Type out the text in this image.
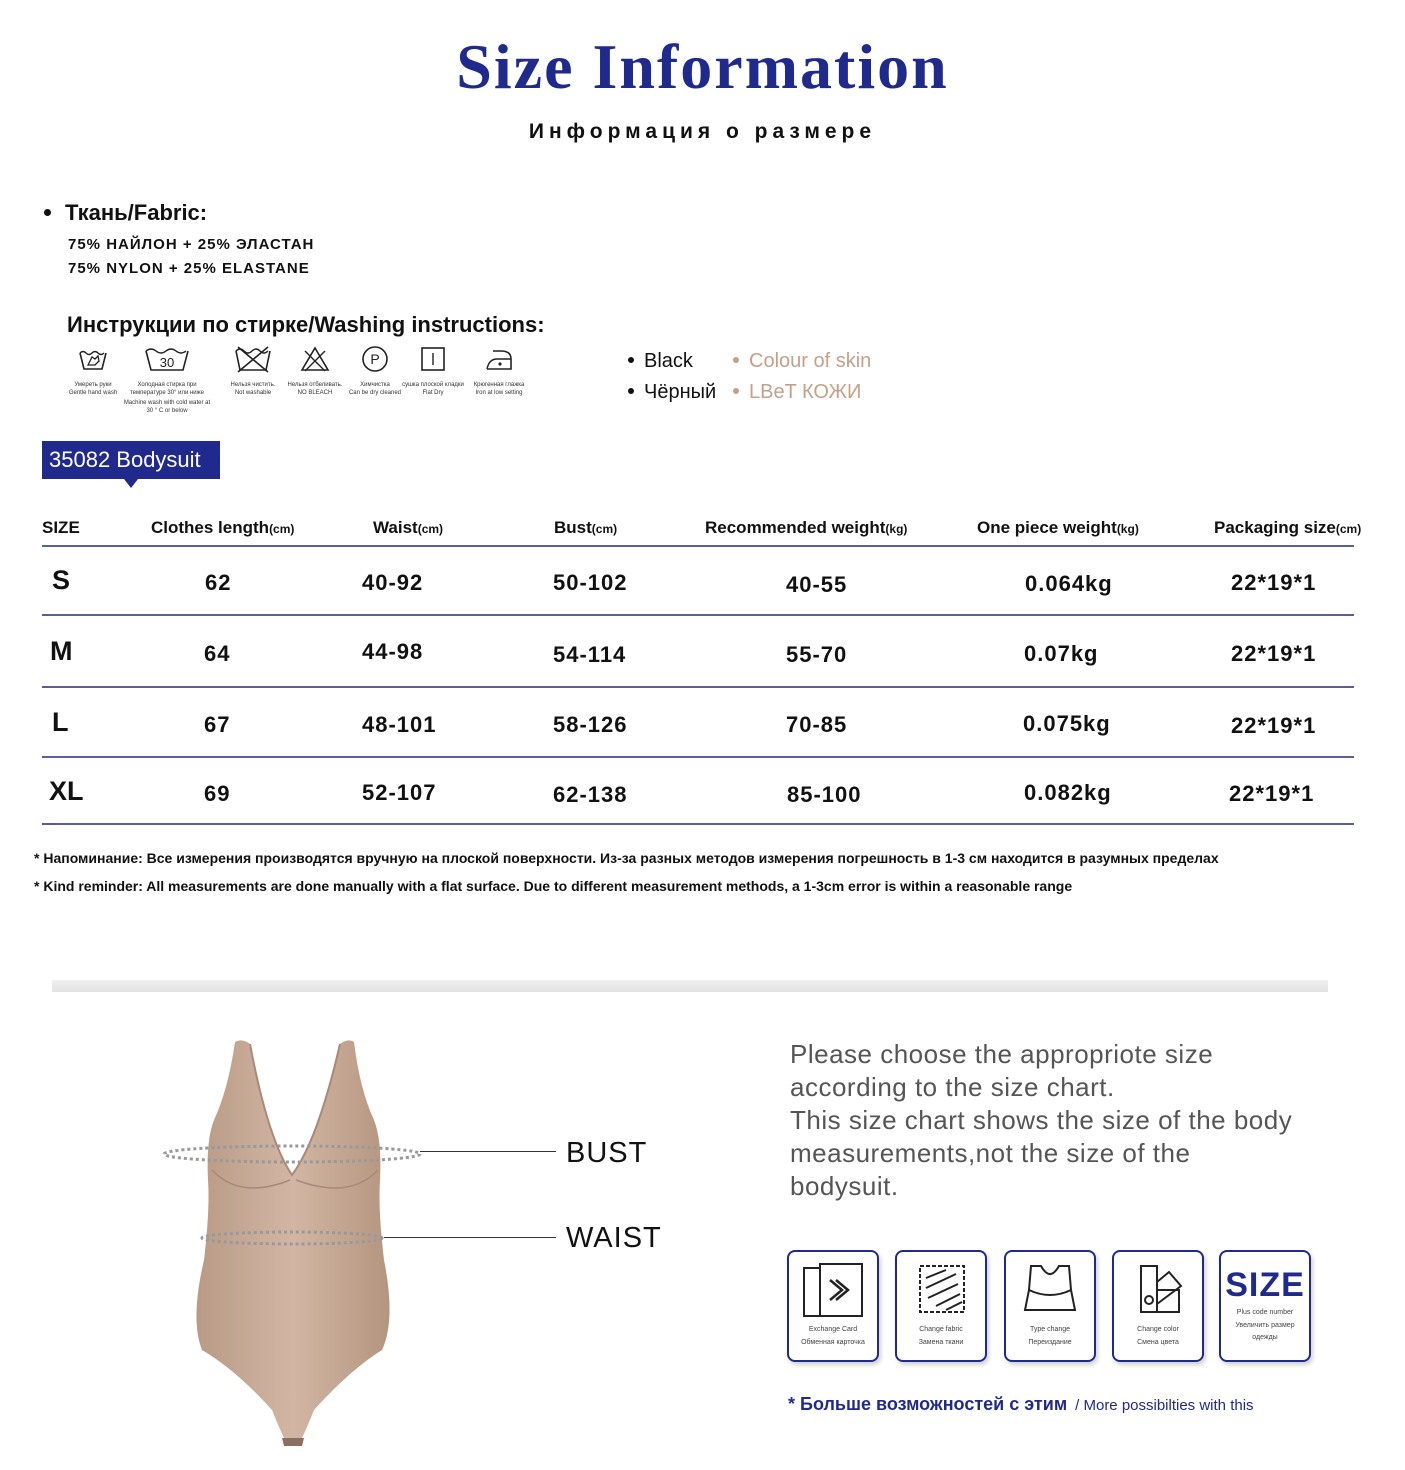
Size Information
Информация о размере
Ткань/Fabric:
75% НАЙЛОН + 25% ЭЛАСТАН
75% NYLON + 25% ELASTANE
Инструкции по стирке/Washing instructions:
Умереть руки
Gentle hand wash
30
Холодная стирка при температуре 30° или ниже
Machine wash with cold water at 30 ° C or below
Нельзя чистить.
Not washable
Нельзя отбеливать.
NO BLEACH
P
Химчистка
Can be dry cleaned
сушка плоской кладки
Flat Dry
Крюгенная глажка
Iron at low setting
Black
Чёрный
Colour of skin
LBeT КОЖИ
35082 Bodysuit
SIZE	Clothes length(cm)	Waist(cm)	Bust(cm)	Recommended weight(kg)	One piece weight(kg)	Packaging size(cm)
S	62	40-92	50-102	40-55	0.064kg	22*19*1
M	64	44-98	54-114	55-70	0.07kg	22*19*1
L	67	48-101	58-126	70-85	0.075kg	22*19*1
XL	69	52-107	62-138	85-100	0.082kg	22*19*1
* Напоминание: Все измерения производятся вручную на плоской поверхности. Из-за разных методов измерения погрешность в 1-3 см находится в разумных пределах
* Kind reminder: All measurements are done manually with a flat surface. Due to different measurement methods, a 1-3cm error is within a reasonable range
BUST
WAIST
Please choose the appropriote size
according to the size chart.
This size chart shows the size of the body
measurements,not the size of the
bodysuit.
Exchange Card
Обменная карточка
Change fabric
Замена ткани
Type change
Переиздание
Change color
Смена цвета
SIZE
Plus code number
Увеличить размер
одежды
* Больше возможностей с этим / More possibilties with this
